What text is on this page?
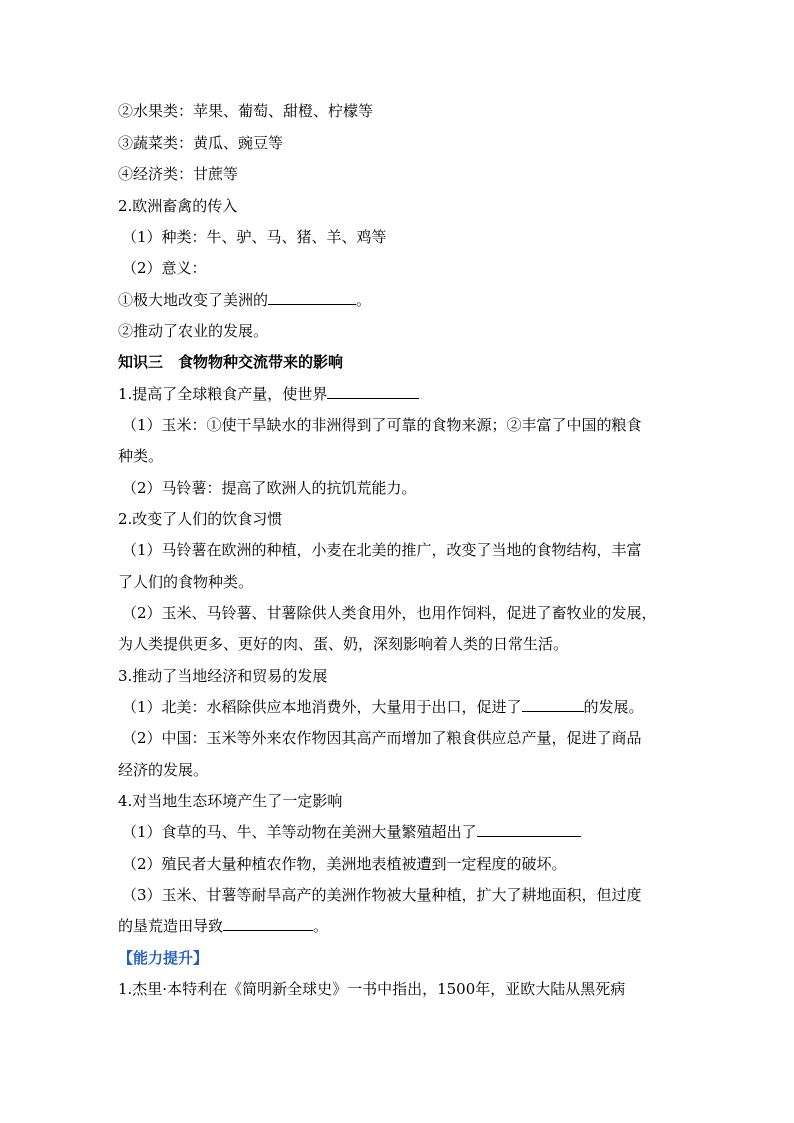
②水果类：苹果、葡萄、甜橙、柠檬等
③蔬菜类：黄瓜、豌豆等
④经济类：甘蔗等
2.欧洲畜禽的传入
（1）种类：牛、驴、马、猪、羊、鸡等
（2）意义：
①极大地改变了美洲的	。
②推动了农业的发展。
知识三　食物物种交流带来的影响
1.提高了全球粮食产量，使世界
（1）玉米：①使干旱缺水的非洲得到了可靠的食物来源；②丰富了中国的粮食
种类。
（2）马铃薯：提高了欧洲人的抗饥荒能力。
2.改变了人们的饮食习惯
（1）马铃薯在欧洲的种植，小麦在北美的推广，改变了当地的食物结构，丰富
了人们的食物种类。
（2）玉米、马铃薯、甘薯除供人类食用外，也用作饲料，促进了畜牧业的发展，
为人类提供更多、更好的肉、蛋、奶，深刻影响着人类的日常生活。
3.推动了当地经济和贸易的发展
（1）北美：水稻除供应本地消费外，大量用于出口，促进了	的发展。
（2）中国：玉米等外来农作物因其高产而增加了粮食供应总产量，促进了商品
经济的发展。
4.对当地生态环境产生了一定影响
（1）食草的马、牛、羊等动物在美洲大量繁殖超出了
（2）殖民者大量种植农作物，美洲地表植被遭到一定程度的破坏。
（3）玉米、甘薯等耐旱高产的美洲作物被大量种植，扩大了耕地面积，但过度
的垦荒造田导致	。
【能力提升】
1.杰里·本特利在《简明新全球史》一书中指出，1500年，亚欧大陆从黑死病
